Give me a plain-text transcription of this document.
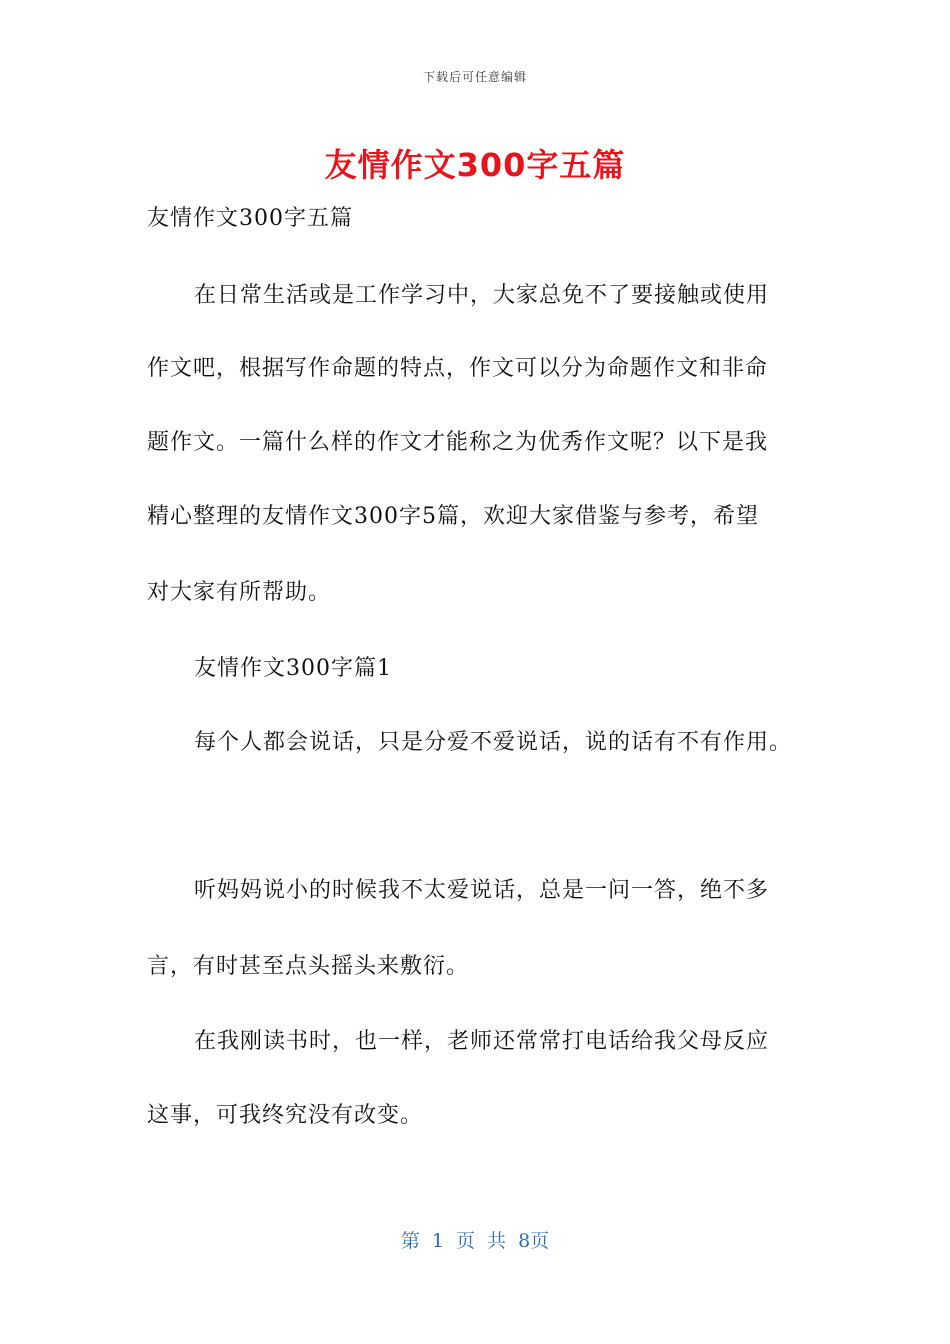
下载后可任意编辑
友情作文300字五篇
友情作文300字五篇
在日常生活或是工作学习中，大家总免不了要接触或使用
作文吧，根据写作命题的特点，作文可以分为命题作文和非命
题作文。一篇什么样的作文才能称之为优秀作文呢？以下是我
精心整理的友情作文300字5篇，欢迎大家借鉴与参考，希望
对大家有所帮助。
友情作文300字篇1
每个人都会说话，只是分爱不爱说话，说的话有不有作用。
听妈妈说小的时候我不太爱说话，总是一问一答，绝不多
言，有时甚至点头摇头来敷衍。
在我刚读书时，也一样，老师还常常打电话给我父母反应
这事，可我终究没有改变。
第 1 页 共 8页
